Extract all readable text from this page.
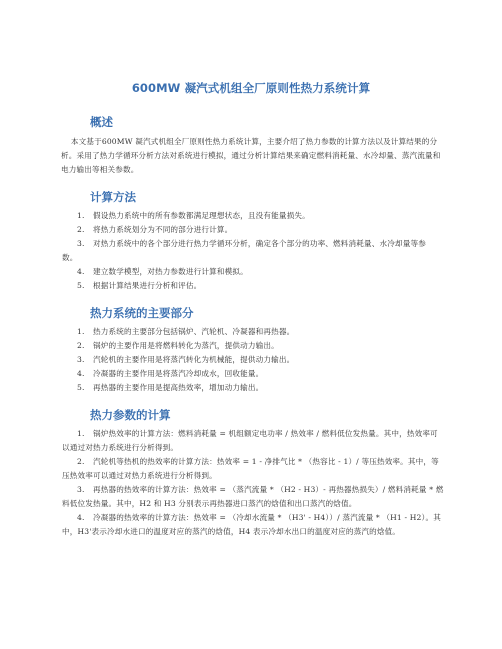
600MW 凝汽式机组全厂原则性热力系统计算
概述

本文基于600MW 凝汽式机组全厂原则性热力系统计算，主要介绍了热力参数的计算方法以及计算结果的分析。采用了热力学循环分析方法对系统进行模拟，通过分析计算结果来确定燃料消耗量、水冷却量、蒸汽流量和电力输出等相关参数。

计算方法
1. 假设热力系统中的所有参数都满足理想状态，且没有能量损失。
2. 将热力系统划分为不同的部分进行计算。
3. 对热力系统中的各个部分进行热力学循环分析，确定各个部分的功率、燃料消耗量、水冷却量等参数。
4. 建立数学模型，对热力参数进行计算和模拟。
5. 根据计算结果进行分析和评估。
热力系统的主要部分
1. 热力系统的主要部分包括锅炉、汽轮机、冷凝器和再热器。
2. 锅炉的主要作用是将燃料转化为蒸汽，提供动力输出。
3. 汽轮机的主要作用是将蒸汽转化为机械能，提供动力输出。
4. 冷凝器的主要作用是将蒸汽冷却成水，回收能量。
5. 再热器的主要作用是提高热效率，增加动力输出。
热力参数的计算
1. 锅炉热效率的计算方法：燃料消耗量 = 机组额定电功率 / 热效率 / 燃料低位发热量。其中，热效率可以通过对热力系统进行分析得到。
2. 汽轮机等热机的热效率的计算方法：热效率 = 1 - 净排气比 * （热容比 - 1）/ 等压热效率。其中，等压热效率可以通过对热力系统进行分析得到。
3. 再热器的热效率的计算方法：热效率 = （蒸汽流量 * （H2 - H3）- 再热器热损失）/ 燃料消耗量 * 燃料低位发热量。其中，H2 和 H3 分别表示再热器进口蒸汽的焓值和出口蒸汽的焓值。
4. 冷凝器的热效率的计算方法：热效率 = （冷却水流量 * （H3' - H4））/ 蒸汽流量 * （H1 - H2）。其中，H3'表示冷却水进口的温度对应的蒸汽的焓值，H4 表示冷却水出口的温度对应的蒸汽的焓值。
